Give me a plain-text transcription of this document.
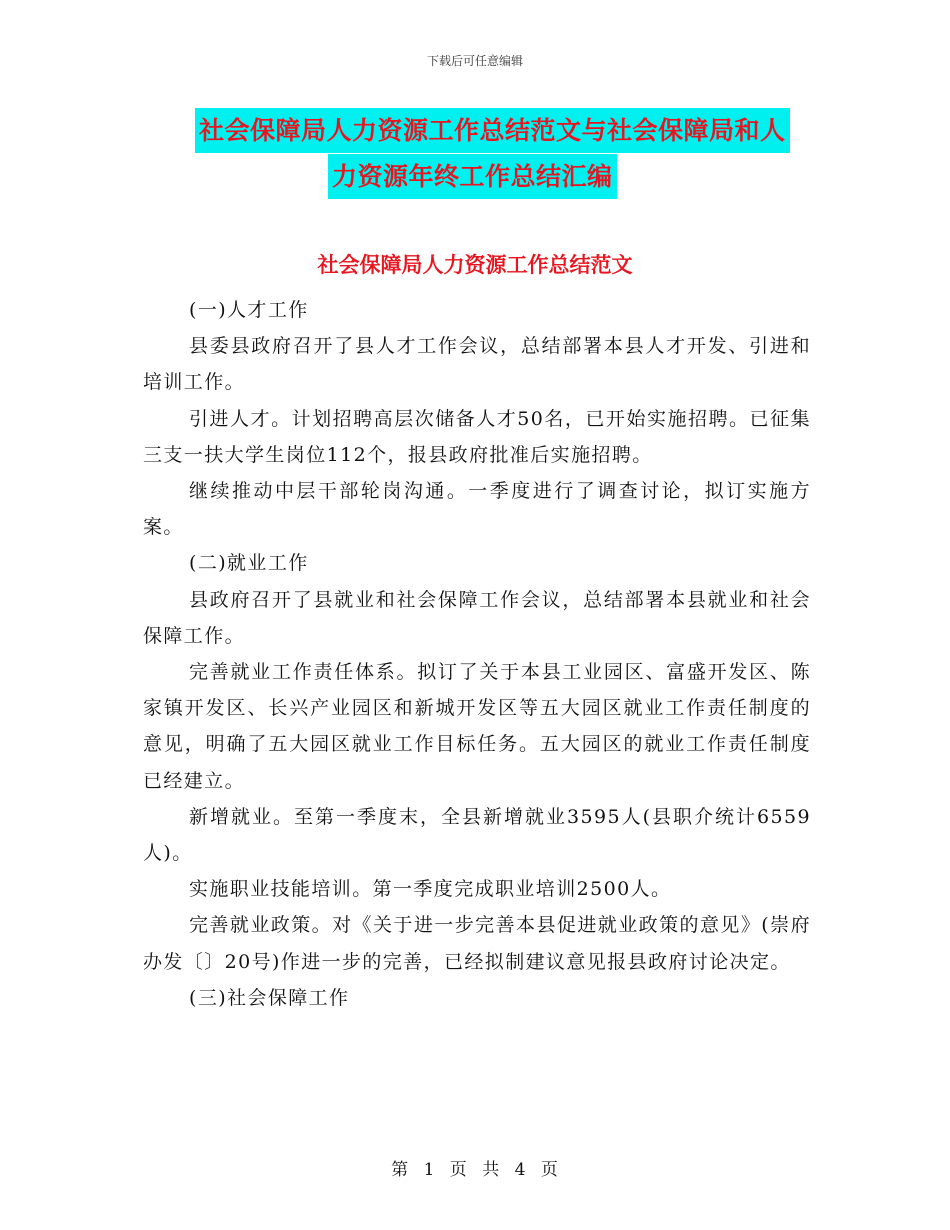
下载后可任意编辑
社会保障局人力资源工作总结范文与社会保障局和人
力资源年终工作总结汇编
社会保障局人力资源工作总结范文

(一)人才工作

县委县政府召开了县人才工作会议，总结部署本县人才开发、引进和培训工作。

引进人才。计划招聘高层次储备人才50名，已开始实施招聘。已征集三支一扶大学生岗位112个，报县政府批准后实施招聘。

继续推动中层干部轮岗沟通。一季度进行了调查讨论，拟订实施方案。

(二)就业工作

县政府召开了县就业和社会保障工作会议，总结部署本县就业和社会保障工作。

完善就业工作责任体系。拟订了关于本县工业园区、富盛开发区、陈家镇开发区、长兴产业园区和新城开发区等五大园区就业工作责任制度的意见，明确了五大园区就业工作目标任务。五大园区的就业工作责任制度已经建立。

新增就业。至第一季度末，全县新增就业3595人(县职介统计6559人)。

实施职业技能培训。第一季度完成职业培训2500人。

完善就业政策。对《关于进一步完善本县促进就业政策的意见》(崇府办发〔〕20号)作进一步的完善，已经拟制建议意见报县政府讨论决定。

(三)社会保障工作

第 1 页 共 4 页
